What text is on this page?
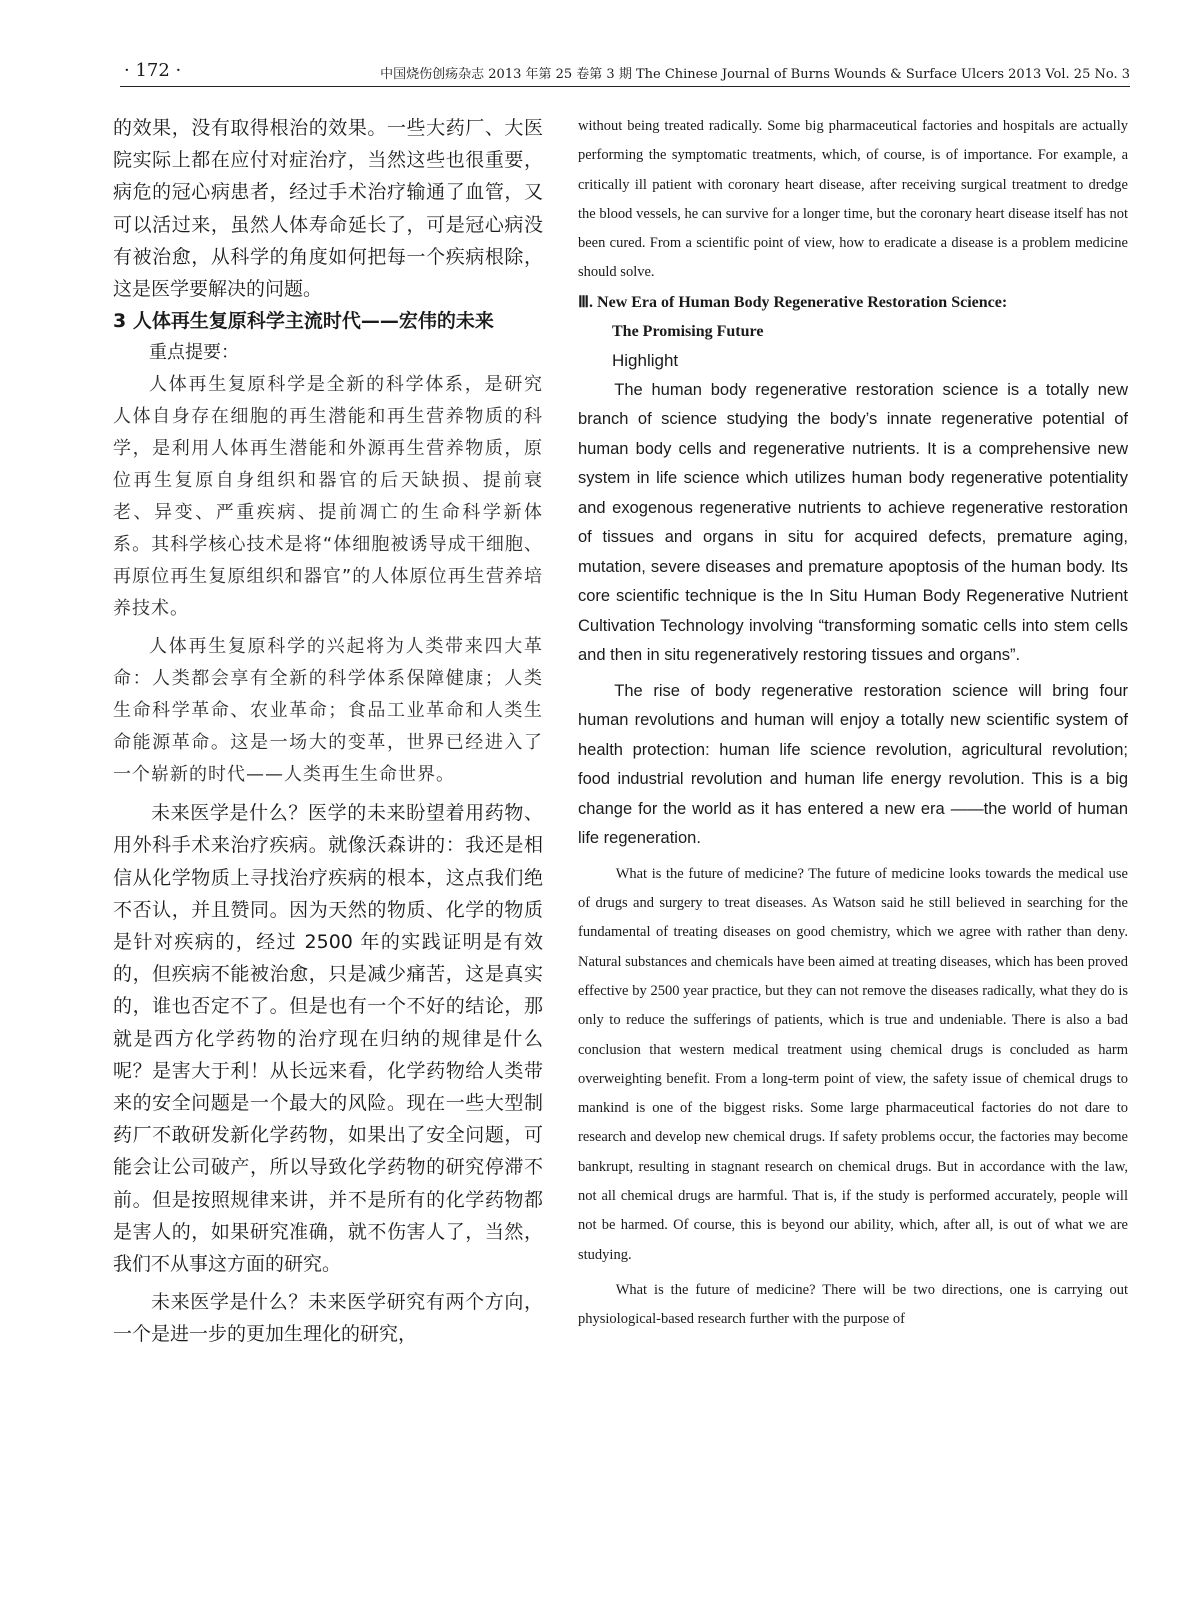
· 172 ·	中国烧伤创疡杂志 2013 年第 25 卷第 3 期 The Chinese Journal of Burns Wounds & Surface Ulcers 2013 Vol. 25 No. 3

的效果，没有取得根治的效果。一些大药厂、大医院实际上都在应付对症治疗，当然这些也很重要，病危的冠心病患者，经过手术治疗输通了血管，又可以活过来，虽然人体寿命延长了，可是冠心病没有被治愈，从科学的角度如何把每一个疾病根除，这是医学要解决的问题。

3 人体再生复原科学主流时代——宏伟的未来

重点提要：

人体再生复原科学是全新的科学体系，是研究人体自身存在细胞的再生潜能和再生营养物质的科学，是利用人体再生潜能和外源再生营养物质，原位再生复原自身组织和器官的后天缺损、提前衰老、异变、严重疾病、提前凋亡的生命科学新体系。其科学核心技术是将“体细胞被诱导成干细胞、再原位再生复原组织和器官”的人体原位再生营养培养技术。

人体再生复原科学的兴起将为人类带来四大革命：人类都会享有全新的科学体系保障健康；人类生命科学革命、农业革命；食品工业革命和人类生命能源革命。这是一场大的变革，世界已经进入了一个崭新的时代——人类再生生命世界。

未来医学是什么？医学的未来盼望着用药物、用外科手术来治疗疾病。就像沃森讲的：我还是相信从化学物质上寻找治疗疾病的根本，这点我们绝不否认，并且赞同。因为天然的物质、化学的物质是针对疾病的，经过 2500 年的实践证明是有效的，但疾病不能被治愈，只是减少痛苦，这是真实的，谁也否定不了。但是也有一个不好的结论，那就是西方化学药物的治疗现在归纳的规律是什么呢？是害大于利！从长远来看，化学药物给人类带来的安全问题是一个最大的风险。现在一些大型制药厂不敢研发新化学药物，如果出了安全问题，可能会让公司破产，所以导致化学药物的研究停滞不前。但是按照规律来讲，并不是所有的化学药物都是害人的，如果研究准确，就不伤害人了，当然，我们不从事这方面的研究。

未来医学是什么？未来医学研究有两个方向，一个是进一步的更加生理化的研究，

without being treated radically. Some big pharmaceutical factories and hospitals are actually performing the symptomatic treatments, which, of course, is of importance. For example, a critically ill patient with coronary heart disease, after receiving surgical treatment to dredge the blood vessels, he can survive for a longer time, but the coronary heart disease itself has not been cured. From a scientific point of view, how to eradicate a disease is a problem medicine should solve.

Ⅲ. New Era of Human Body Regenerative Restoration Science:
The Promising Future

Highlight

The human body regenerative restoration science is a totally new branch of science studying the body’s innate regenerative potential of human body cells and regenerative nutrients. It is a comprehensive new system in life science which utilizes human body regenerative potentiality and exogenous regenerative nutrients to achieve regenerative restoration of tissues and organs in situ for acquired defects, premature aging, mutation, severe diseases and premature apoptosis of the human body. Its core scientific technique is the In Situ Human Body Regenerative Nutrient Cultivation Technology involving “transforming somatic cells into stem cells and then in situ regeneratively restoring tissues and organs”.

The rise of body regenerative restoration science will bring four human revolutions and human will enjoy a totally new scientific system of health protection: human life science revolution, agricultural revolution; food industrial revolution and human life energy revolution. This is a big change for the world as it has entered a new era ——the world of human life regeneration.

What is the future of medicine? The future of medicine looks towards the medical use of drugs and surgery to treat diseases. As Watson said he still believed in searching for the fundamental of treating diseases on good chemistry, which we agree with rather than deny. Natural substances and chemicals have been aimed at treating diseases, which has been proved effective by 2500 year practice, but they can not remove the diseases radically, what they do is only to reduce the sufferings of patients, which is true and undeniable. There is also a bad conclusion that western medical treatment using chemical drugs is concluded as harm overweighting benefit. From a long-term point of view, the safety issue of chemical drugs to mankind is one of the biggest risks. Some large pharmaceutical factories do not dare to research and develop new chemical drugs. If safety problems occur, the factories may become bankrupt, resulting in stagnant research on chemical drugs. But in accordance with the law, not all chemical drugs are harmful. That is, if the study is performed accurately, people will not be harmed. Of course, this is beyond our ability, which, after all, is out of what we are studying.

What is the future of medicine? There will be two directions, one is carrying out physiological-based research further with the purpose of
